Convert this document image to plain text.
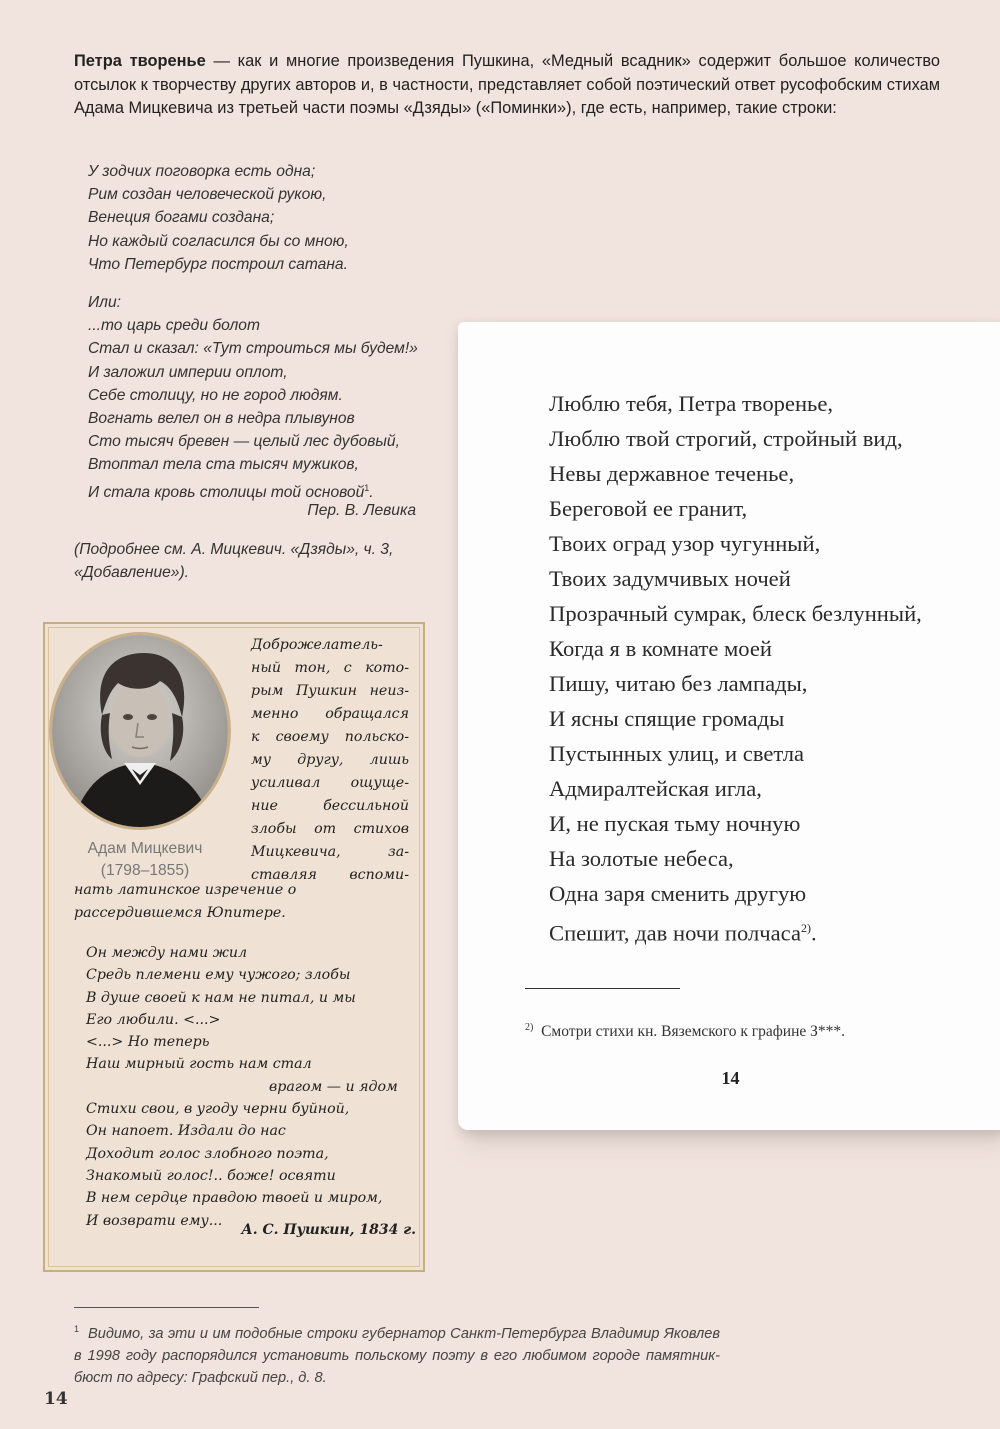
Петра творенье — как и многие произведения Пушкина, «Медный всадник» содержит большое количество отсылок к творчеству других авторов и, в частности, представляет собой поэтический ответ русофобским стихам Адама Мицкевича из третьей части поэмы «Дзяды» («Поминки»), где есть, например, такие строки:
У зодчих поговорка есть одна;
Рим создан человеческой рукою,
Венеция богами создана;
Но каждый согласился бы со мною,
Что Петербург построил сатана.
Или:
...то царь среди болот
Стал и сказал: «Тут строиться мы будем!»
И заложил империи оплот,
Себе столицу, но не город людям.
Вогнать велел он в недра плывунов
Сто тысяч бревен — целый лес дубовый,
Втоптал тела ста тысяч мужиков,
И стала кровь столицы той основой$^1$.
Пер. В. Левика
(Подробнее см. А. Мицкевич. «Дзяды», ч. 3, «Добавление»).
Адам Мицкевич
(1798–1855)
Доброжелатель-
ный тон, с кото-
рым Пушкин неиз-
менно обращался
к своему польско-
му другу, лишь
усиливал ощуще-
ние бессильной
злобы от стихов
Мицкевича, за-
ставляя вспоми-
нать латинское изречение о рассердившемся Юпитере.
Он между нами жил
Средь племени ему чужого; злобы
В душе своей к нам не питал, и мы
Его любили. <...>
<...> Но теперь
Наш мирный гость нам стал
врагом — и ядом
Стихи свои, в угоду черни буйной,
Он напоет. Издали до нас
Доходит голос злобного поэта,
Знакомый голос!.. боже! освяти
В нем сердце правдою твоей и миром,
И возврати ему...
А. С. Пушкин, 1834 г.
Люблю тебя, Петра творенье,
Люблю твой строгий, стройный вид,
Невы державное теченье,
Береговой ее гранит,
Твоих оград узор чугунный,
Твоих задумчивых ночей
Прозрачный сумрак, блеск безлунный,
Когда я в комнате моей
Пишу, читаю без лампады,
И ясны спящие громады
Пустынных улиц, и светла
Адмиралтейская игла,
И, не пуская тьму ночную
На золотые небеса,
Одна заря сменить другую
Спешит, дав ночи полчаса$^{2)}$.
$^{2)}$ Смотри стихи кн. Вяземского к графине З***.
14
$^1$ Видимо, за эти и им подобные строки губернатор Санкт-Петербурга Владимир Яковлев в 1998 году распорядился установить польскому поэту в его любимом городе памятник-бюст по адресу: Графский пер., д. 8.
14
